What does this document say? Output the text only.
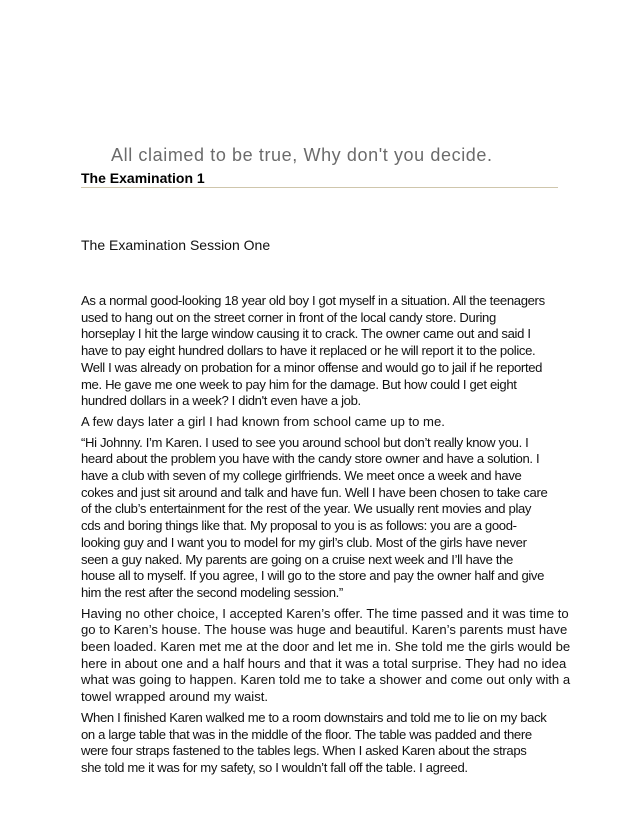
All claimed to be true, Why don't you decide.
The Examination 1
The Examination Session One
As a normal good-looking 18 year old boy I got myself in a situation. All the teenagers
used to hang out on the street corner in front of the local candy store. During
horseplay I hit the large window causing it to crack. The owner came out and said I
have to pay eight hundred dollars to have it replaced or he will report it to the police.
Well I was already on probation for a minor offense and would go to jail if he reported
me. He gave me one week to pay him for the damage. But how could I get eight
hundred dollars in a week? I didn't even have a job.
A few days later a girl I had known from school came up to me.
“Hi Johnny. I’m Karen. I used to see you around school but don’t really know you. I
heard about the problem you have with the candy store owner and have a solution. I
have a club with seven of my college girlfriends. We meet once a week and have
cokes and just sit around and talk and have fun. Well I have been chosen to take care
of the club’s entertainment for the rest of the year. We usually rent movies and play
cds and boring things like that. My proposal to you is as follows: you are a good-
looking guy and I want you to model for my girl’s club. Most of the girls have never
seen a guy naked. My parents are going on a cruise next week and I’ll have the
house all to myself. If you agree, I will go to the store and pay the owner half and give
him the rest after the second modeling session.”
Having no other choice, I accepted Karen’s offer. The time passed and it was time to
go to Karen’s house. The house was huge and beautiful. Karen’s parents must have
been loaded. Karen met me at the door and let me in. She told me the girls would be
here in about one and a half hours and that it was a total surprise. They had no idea
what was going to happen. Karen told me to take a shower and come out only with a
towel wrapped around my waist.
When I finished Karen walked me to a room downstairs and told me to lie on my back
on a large table that was in the middle of the floor. The table was padded and there
were four straps fastened to the tables legs. When I asked Karen about the straps
she told me it was for my safety, so I wouldn’t fall off the table. I agreed.
